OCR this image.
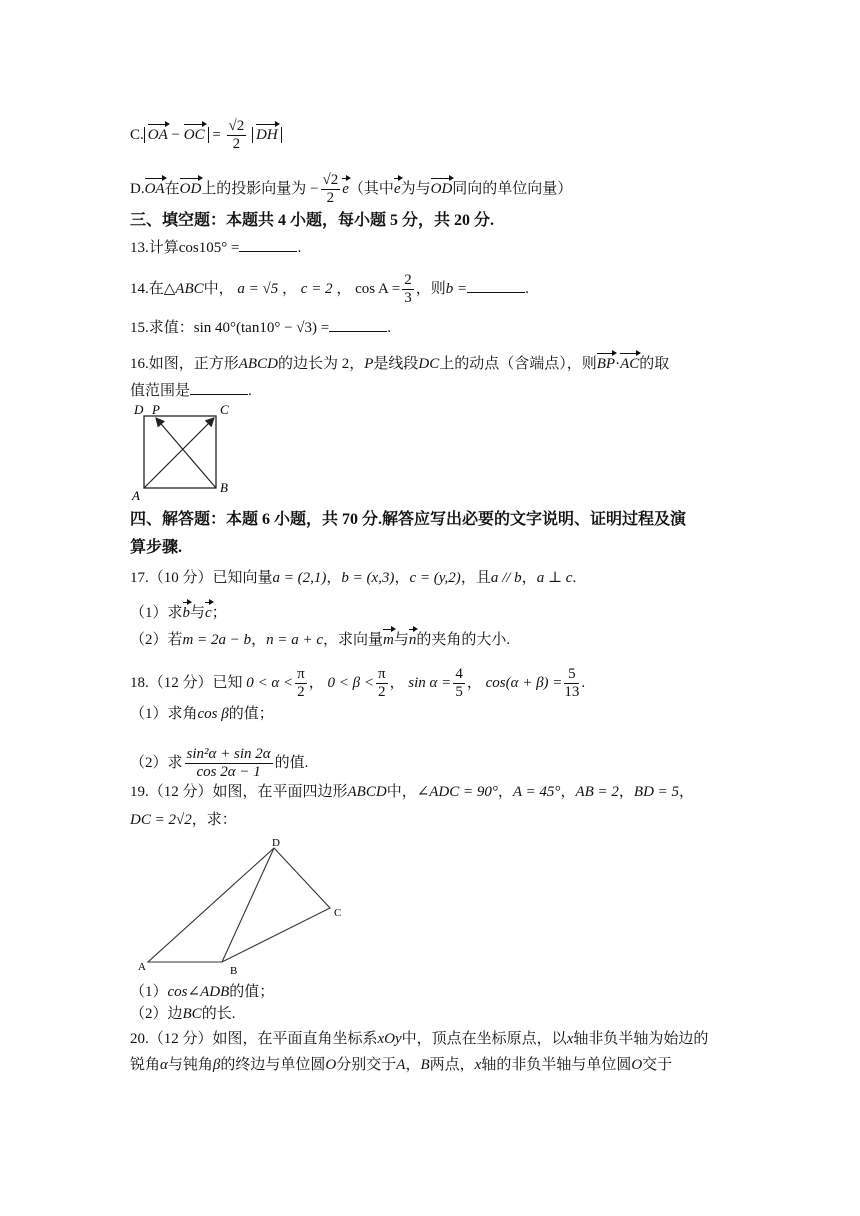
C. OA − OC = $\frac{√2}{2}$ DH
D.OA在OD上的投影向量为 − $\frac{√2}{2} e$（其中e为与OD同向的单位向量）
三、填空题：本题共 4 小题，每小题 5 分，共 20 分.
13.计算cos105° =	.
14.在△ABC中， a = √5 ， c = 2 ， $\cos A = \frac{2}{3}$ ，则b =	.
15.求值：sin 40°(tan10° − √3) =	.
16.如图，正方形ABCD的边长为 2，P是线段DC上的动点（含端点），则BP·AC的取
值范围是	.
D P	C
A
B
四、解答题：本题 6 小题，共 70 分.解答应写出必要的文字说明、证明过程及演
算步骤.
17.（10 分）已知向量a = (2,1)，b = (x,3)，c = (y,2)，且a // b，a ⊥ c.
（1）求b与c；
（2）若m = 2a − b，n = a + c，求向量m与n的夹角的大小.
18.（12 分）已知 $0 < \alpha < \frac{\pi}{2}$ ， $0 < \beta < \frac{\pi}{2}$ ， $\sin \alpha = \frac{4}{5}$ ， $\cos(\alpha + \beta) = \frac{5}{13}$ .
（1）求角cos β的值；
（2）求 $\frac{\text{sin²α + sin 2α}}{\cos 2\alpha - 1}$ 的值.
19.（12 分）如图，在平面四边形ABCD中，∠ADC = 90°，A = 45°，AB = 2，BD = 5，
DC = 2√2，求：
A	B
C
D
（1）cos∠ADB的值；
（2）边BC的长.
20.（12 分）如图，在平面直角坐标系xOy中，顶点在坐标原点，以x轴非负半轴为始边的
锐角α与钝角β的终边与单位圆O分别交于A，B两点，x轴的非负半轴与单位圆O交于
